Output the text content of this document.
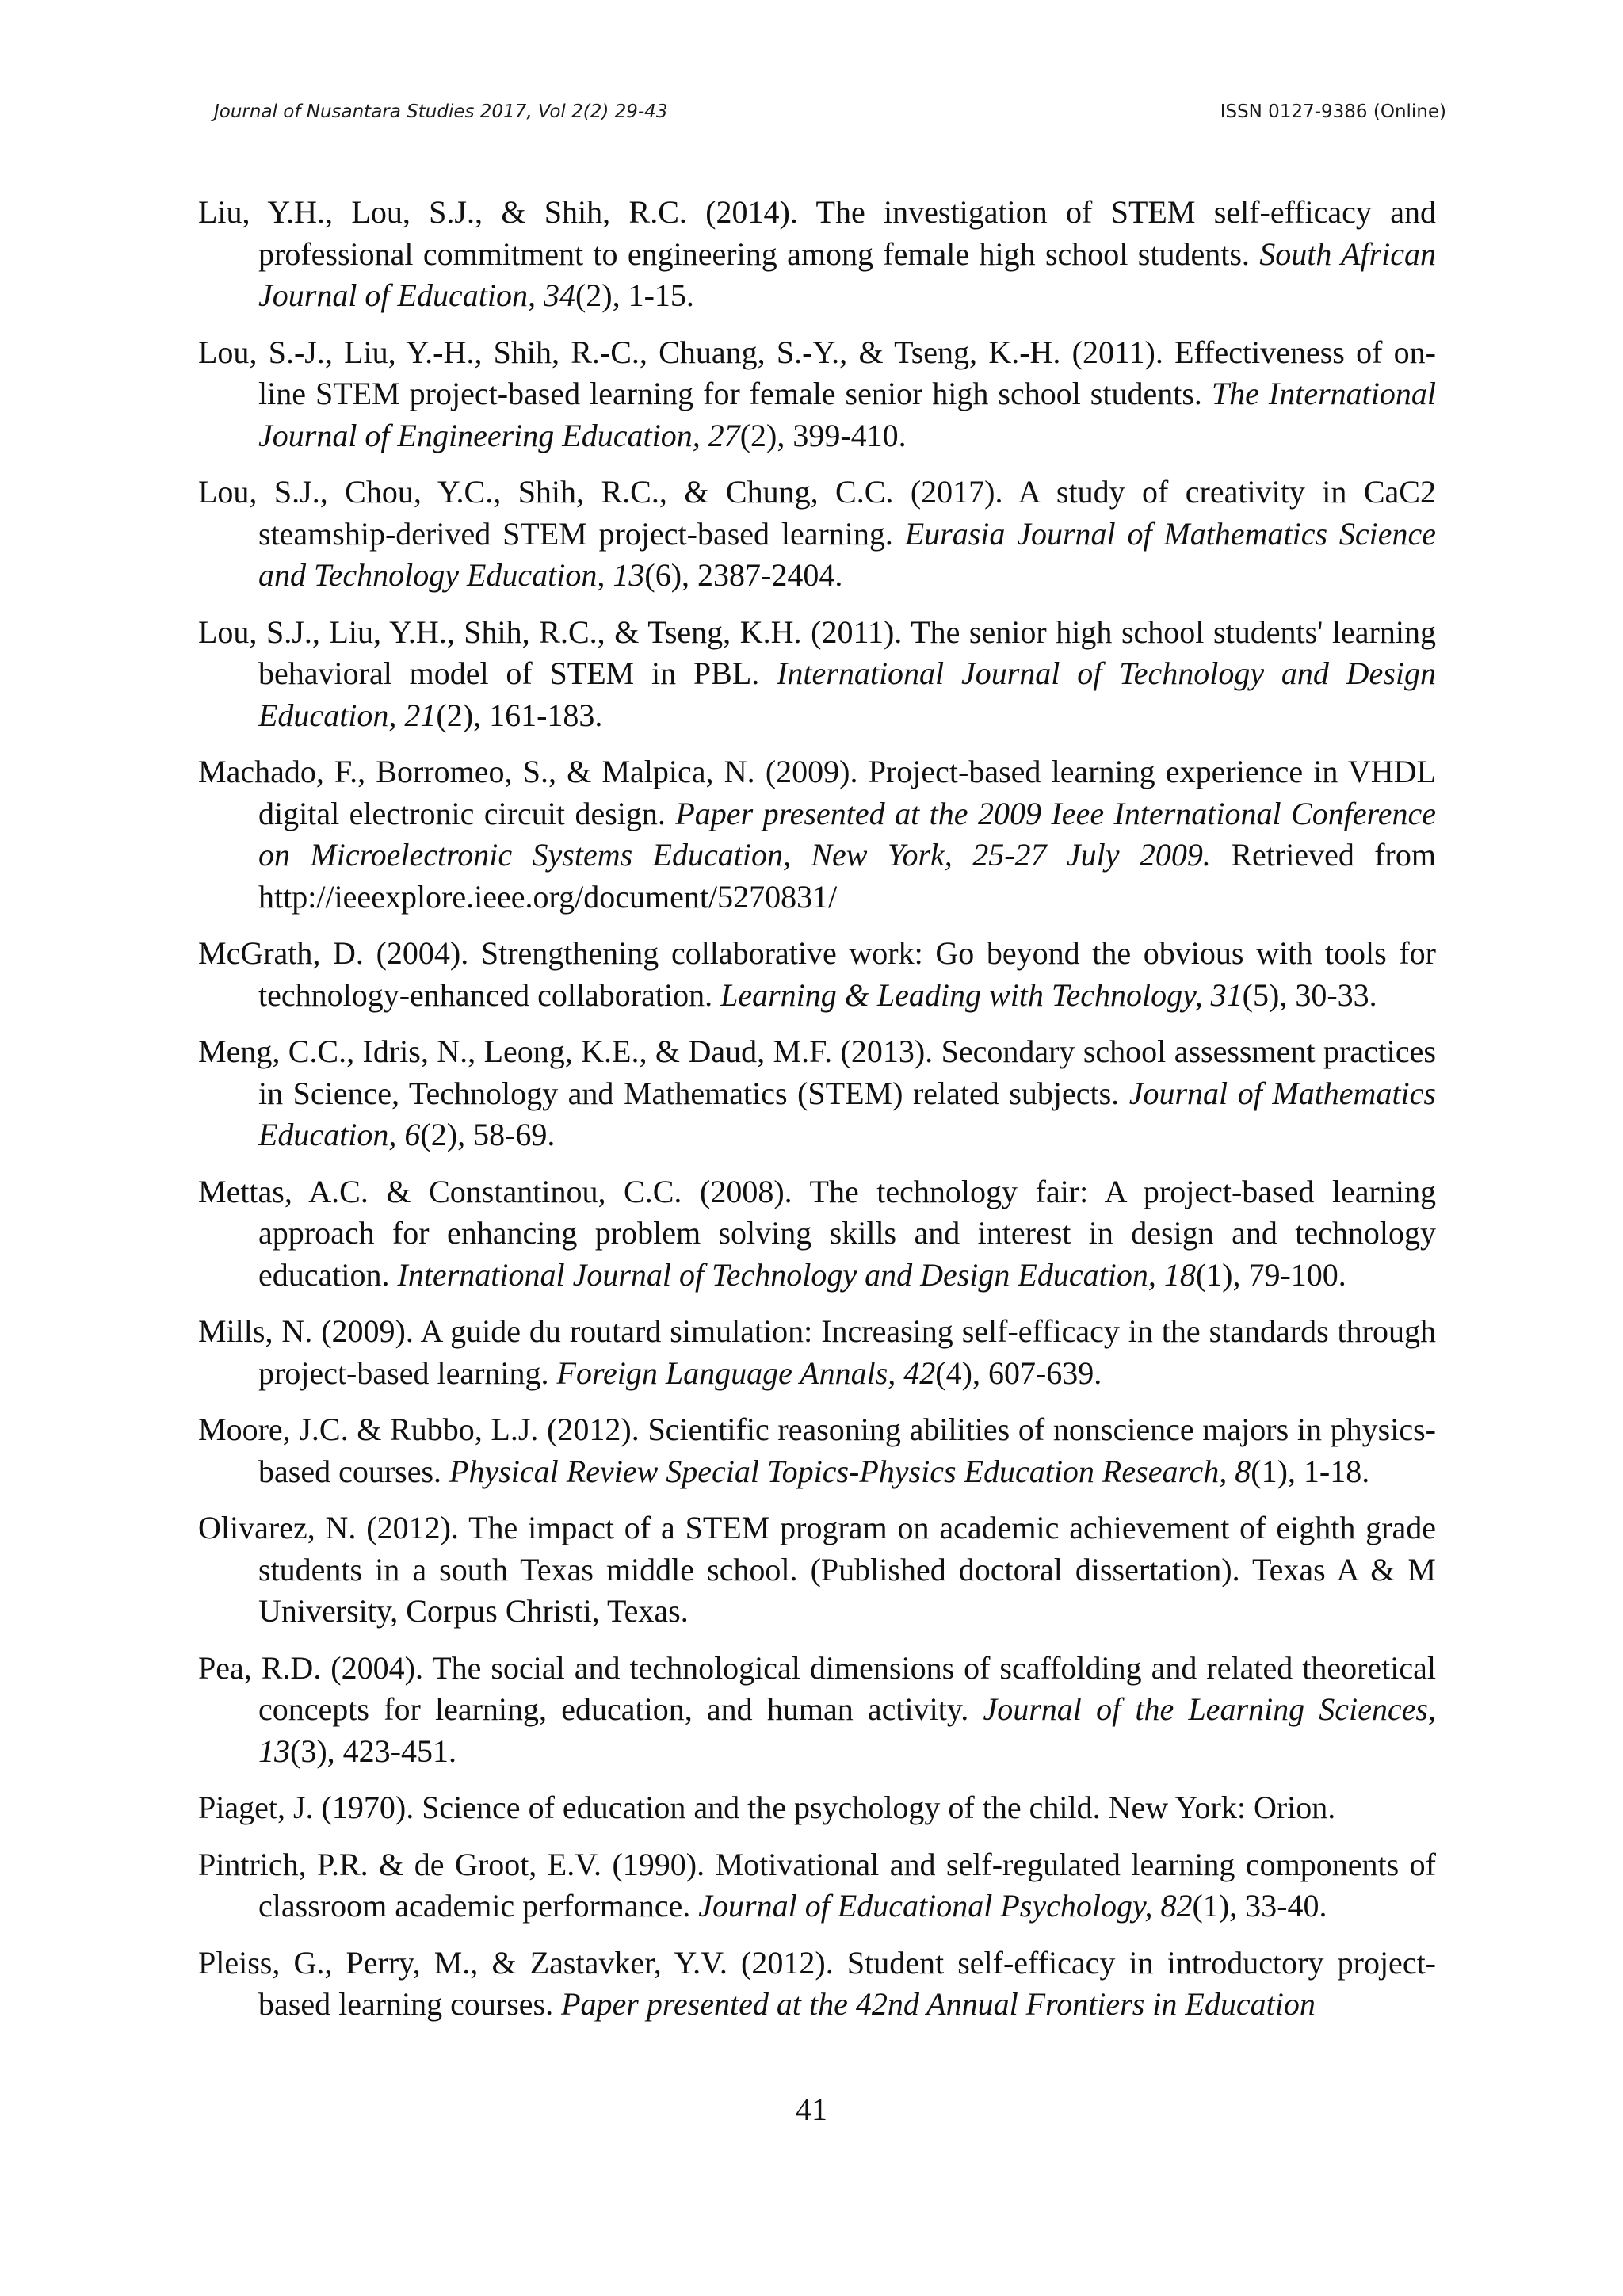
Journal of Nusantara Studies 2017, Vol 2(2) 29-43	ISSN 0127-9386 (Online)

Liu, Y.H., Lou, S.J., & Shih, R.C. (2014). The investigation of STEM self-efficacy and professional commitment to engineering among female high school students. South African Journal of Education, 34(2), 1-15.

Lou, S.-J., Liu, Y.-H., Shih, R.-C., Chuang, S.-Y., & Tseng, K.-H. (2011). Effectiveness of on-line STEM project-based learning for female senior high school students. The International Journal of Engineering Education, 27(2), 399-410.

Lou, S.J., Chou, Y.C., Shih, R.C., & Chung, C.C. (2017). A study of creativity in CaC2 steamship-derived STEM project-based learning. Eurasia Journal of Mathematics Science and Technology Education, 13(6), 2387-2404.

Lou, S.J., Liu, Y.H., Shih, R.C., & Tseng, K.H. (2011). The senior high school students' learning behavioral model of STEM in PBL. International Journal of Technology and Design Education, 21(2), 161-183.

Machado, F., Borromeo, S., & Malpica, N. (2009). Project-based learning experience in VHDL digital electronic circuit design. Paper presented at the 2009 Ieee International Conference on Microelectronic Systems Education, New York, 25-27 July 2009. Retrieved from http://ieeexplore.ieee.org/document/5270831/

McGrath, D. (2004). Strengthening collaborative work: Go beyond the obvious with tools for technology-enhanced collaboration. Learning & Leading with Technology, 31(5), 30-33.

Meng, C.C., Idris, N., Leong, K.E., & Daud, M.F. (2013). Secondary school assessment practices in Science, Technology and Mathematics (STEM) related subjects. Journal of Mathematics Education, 6(2), 58-69.

Mettas, A.C. & Constantinou, C.C. (2008). The technology fair: A project-based learning approach for enhancing problem solving skills and interest in design and technology education. International Journal of Technology and Design Education, 18(1), 79-100.

Mills, N. (2009). A guide du routard simulation: Increasing self-efficacy in the standards through project-based learning. Foreign Language Annals, 42(4), 607-639.

Moore, J.C. & Rubbo, L.J. (2012). Scientific reasoning abilities of nonscience majors in physics-based courses. Physical Review Special Topics-Physics Education Research, 8(1), 1-18.

Olivarez, N. (2012). The impact of a STEM program on academic achievement of eighth grade students in a south Texas middle school. (Published doctoral dissertation). Texas A & M University, Corpus Christi, Texas.

Pea, R.D. (2004). The social and technological dimensions of scaffolding and related theoretical concepts for learning, education, and human activity. Journal of the Learning Sciences, 13(3), 423-451.

Piaget, J. (1970). Science of education and the psychology of the child. New York: Orion.

Pintrich, P.R. & de Groot, E.V. (1990). Motivational and self-regulated learning components of classroom academic performance. Journal of Educational Psychology, 82(1), 33-40.

Pleiss, G., Perry, M., & Zastavker, Y.V. (2012). Student self-efficacy in introductory project-based learning courses. Paper presented at the 42nd Annual Frontiers in Education

41
